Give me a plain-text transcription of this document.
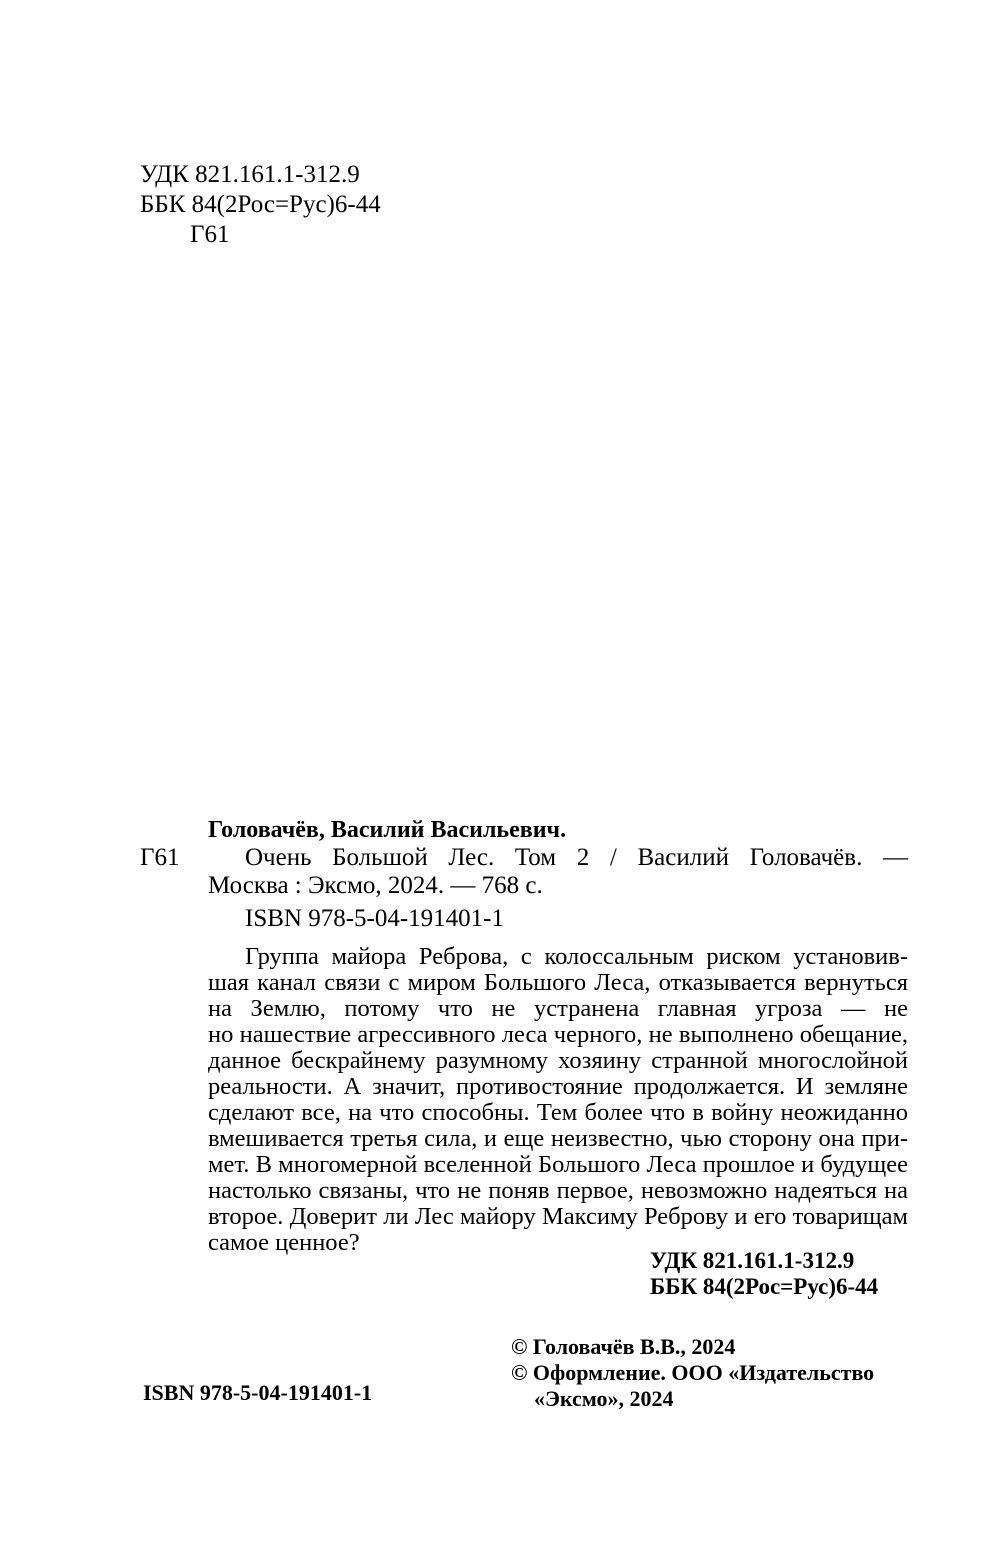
УДК 821.161.1-312.9
ББК 84(2Рос=Рус)6-44
Г61
Головачёв, Василий Васильевич.
Г61	Очень Большой Лес. Том 2 / Василий Головачёв. —
Москва : Эксмо, 2024. — 768 с.
ISBN 978-5-04-191401-1
Группа майора Реброва, с колоссальным риском установив-
шая канал связи с миром Большого Леса, отказывается вернуться
на Землю, потому что не устранена главная угроза — не
но нашествие агрессивного леса черного, не выполнено обещание,
данное бескрайнему разумному хозяину странной многослойной
реальности. А значит, противостояние продолжается. И земляне
сделают все, на что способны. Тем более что в войну неожиданно
вмешивается третья сила, и еще неизвестно, чью сторону она при-
мет. В многомерной вселенной Большого Леса прошлое и будущее
настолько связаны, что не поняв первое, невозможно надеяться на
второе. Доверит ли Лес майору Максиму Реброву и его товарищам
самое ценное?
УДК 821.161.1-312.9
ББК 84(2Рос=Рус)6-44
© Головачёв В.В., 2024
© Оформление. ООО «Издательство
«Эксмо», 2024
ISBN 978-5-04-191401-1
